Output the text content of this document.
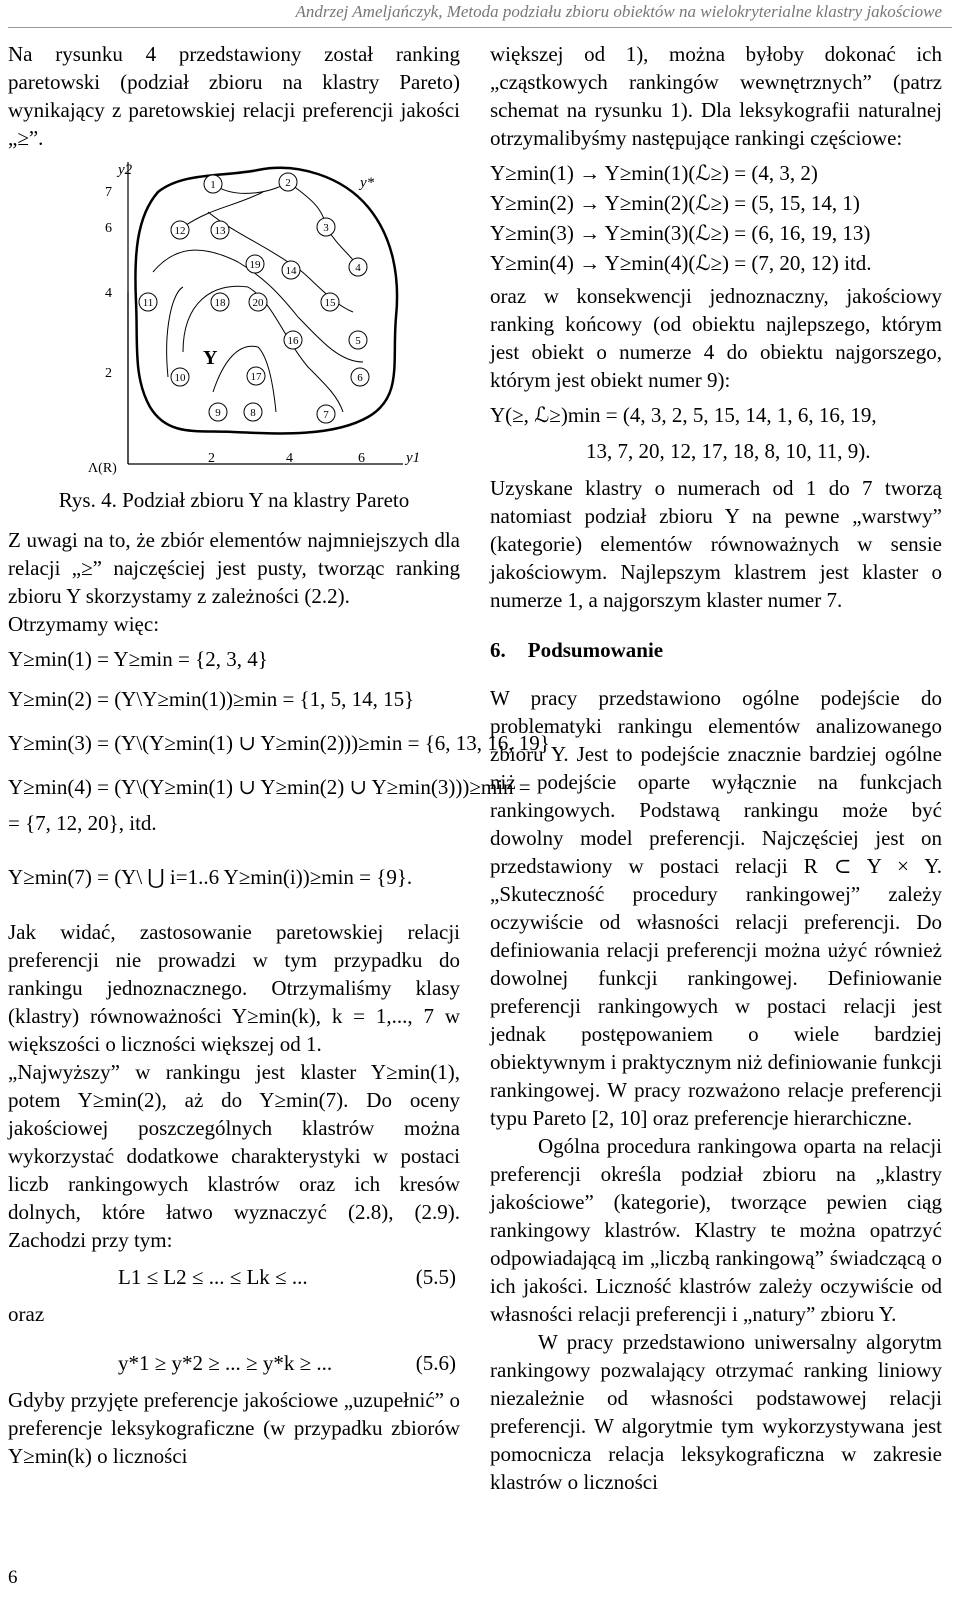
Andrzej Ameljańczyk, Metoda podziału zbioru obiektów na wielokryterialne klastry jakościowe

Na rysunku 4 przedstawiony został ranking paretowski (podział zbioru na klastry Pareto) wynikający z paretowskiej relacji preferencji jakości „≥”.

y2
y1
Λ(R)
7
6
4
2
2	4	6
y*
Y
1	2
3
4
5
6
7
8
9
10
11
12	13
14
15
16
17
18
19
20
Rys. 4. Podział zbioru Y na klastry Pareto

Z uwagi na to, że zbiór elementów najmniejszych dla relacji „≥” najczęściej jest pusty, tworząc ranking zbioru Y skorzystamy z zależności (2.2).

Otrzymamy więc:

Y≥min(1) = Y≥min = {2, 3, 4}
Y≥min(2) = (Y\Y≥min(1))≥min = {1, 5, 14, 15}
Y≥min(3) = (Y\(Y≥min(1) ∪ Y≥min(2)))≥min = {6, 13, 16, 19}
Y≥min(4) = (Y\(Y≥min(1) ∪ Y≥min(2) ∪ Y≥min(3)))≥min =
= {7, 12, 20}, itd.
Y≥min(7) = (Y\ ⋃ i=1..6 Y≥min(i))≥min = {9}.

Jak widać, zastosowanie paretowskiej relacji preferencji nie prowadzi w tym przypadku do rankingu jednoznacznego. Otrzymaliśmy klasy (klastry) równoważności Y≥min(k), k = 1,..., 7 w większości o liczności większej od 1.

„Najwyższy” w rankingu jest klaster Y≥min(1), potem Y≥min(2), aż do Y≥min(7). Do oceny jakościowej poszczególnych klastrów można wykorzystać dodatkowe charakterystyki w postaci liczb rankingowych klastrów oraz ich kresów dolnych, które łatwo wyznaczyć (2.8), (2.9). Zachodzi przy tym:

L1 ≤ L2 ≤ ... ≤ Lk ≤ ...	(5.5)

oraz

y*1 ≥ y*2 ≥ ... ≥ y*k ≥ ...	(5.6)

Gdyby przyjęte preferencje jakościowe „uzupełnić” o preferencje leksykograficzne (w przypadku zbiorów Y≥min(k) o liczności

większej od 1), można byłoby dokonać ich „cząstkowych rankingów wewnętrznych” (patrz schemat na rysunku 1). Dla leksykografii naturalnej otrzymalibyśmy następujące rankingi częściowe:

Y≥min(1) → Y≥min(1)(ℒ≥) = (4, 3, 2)
Y≥min(2) → Y≥min(2)(ℒ≥) = (5, 15, 14, 1)
Y≥min(3) → Y≥min(3)(ℒ≥) = (6, 16, 19, 13)
Y≥min(4) → Y≥min(4)(ℒ≥) = (7, 20, 12) itd.

oraz w konsekwencji jednoznaczny, jakościowy ranking końcowy (od obiektu najlepszego, którym jest obiekt o numerze 4 do obiektu najgorszego, którym jest obiekt numer 9):

Y(≥, ℒ≥)min = (4, 3, 2, 5, 15, 14, 1, 6, 16, 19,
13, 7, 20, 12, 17, 18, 8, 10, 11, 9).

Uzyskane klastry o numerach od 1 do 7 tworzą natomiast podział zbioru Y na pewne „warstwy” (kategorie) elementów równoważnych w sensie jakościowym. Najlepszym klastrem jest klaster o numerze 1, a najgorszym klaster numer 7.

6. Podsumowanie

W pracy przedstawiono ogólne podejście do problematyki rankingu elementów analizowanego zbioru Y. Jest to podejście znacznie bardziej ogólne niż podejście oparte wyłącznie na funkcjach rankingowych. Podstawą rankingu może być dowolny model preferencji. Najczęściej jest on przedstawiony w postaci relacji R ⊂ Y × Y. „Skuteczność procedury rankingowej” zależy oczywiście od własności relacji preferencji. Do definiowania relacji preferencji można użyć również dowolnej funkcji rankingowej. Definiowanie preferencji rankingowych w postaci relacji jest jednak postępowaniem o wiele bardziej obiektywnym i praktycznym niż definiowanie funkcji rankingowej. W pracy rozważono relacje preferencji typu Pareto [2, 10] oraz preferencje hierarchiczne.

Ogólna procedura rankingowa oparta na relacji preferencji określa podział zbioru na „klastry jakościowe” (kategorie), tworzące pewien ciąg rankingowy klastrów. Klastry te można opatrzyć odpowiadającą im „liczbą rankingową” świadczącą o ich jakości. Liczność klastrów zależy oczywiście od własności relacji preferencji i „natury” zbioru Y.

W pracy przedstawiono uniwersalny algorytm rankingowy pozwalający otrzymać ranking liniowy niezależnie od własności podstawowej relacji preferencji. W algorytmie tym wykorzystywana jest pomocnicza relacja leksykograficzna w zakresie klastrów o liczności

6
